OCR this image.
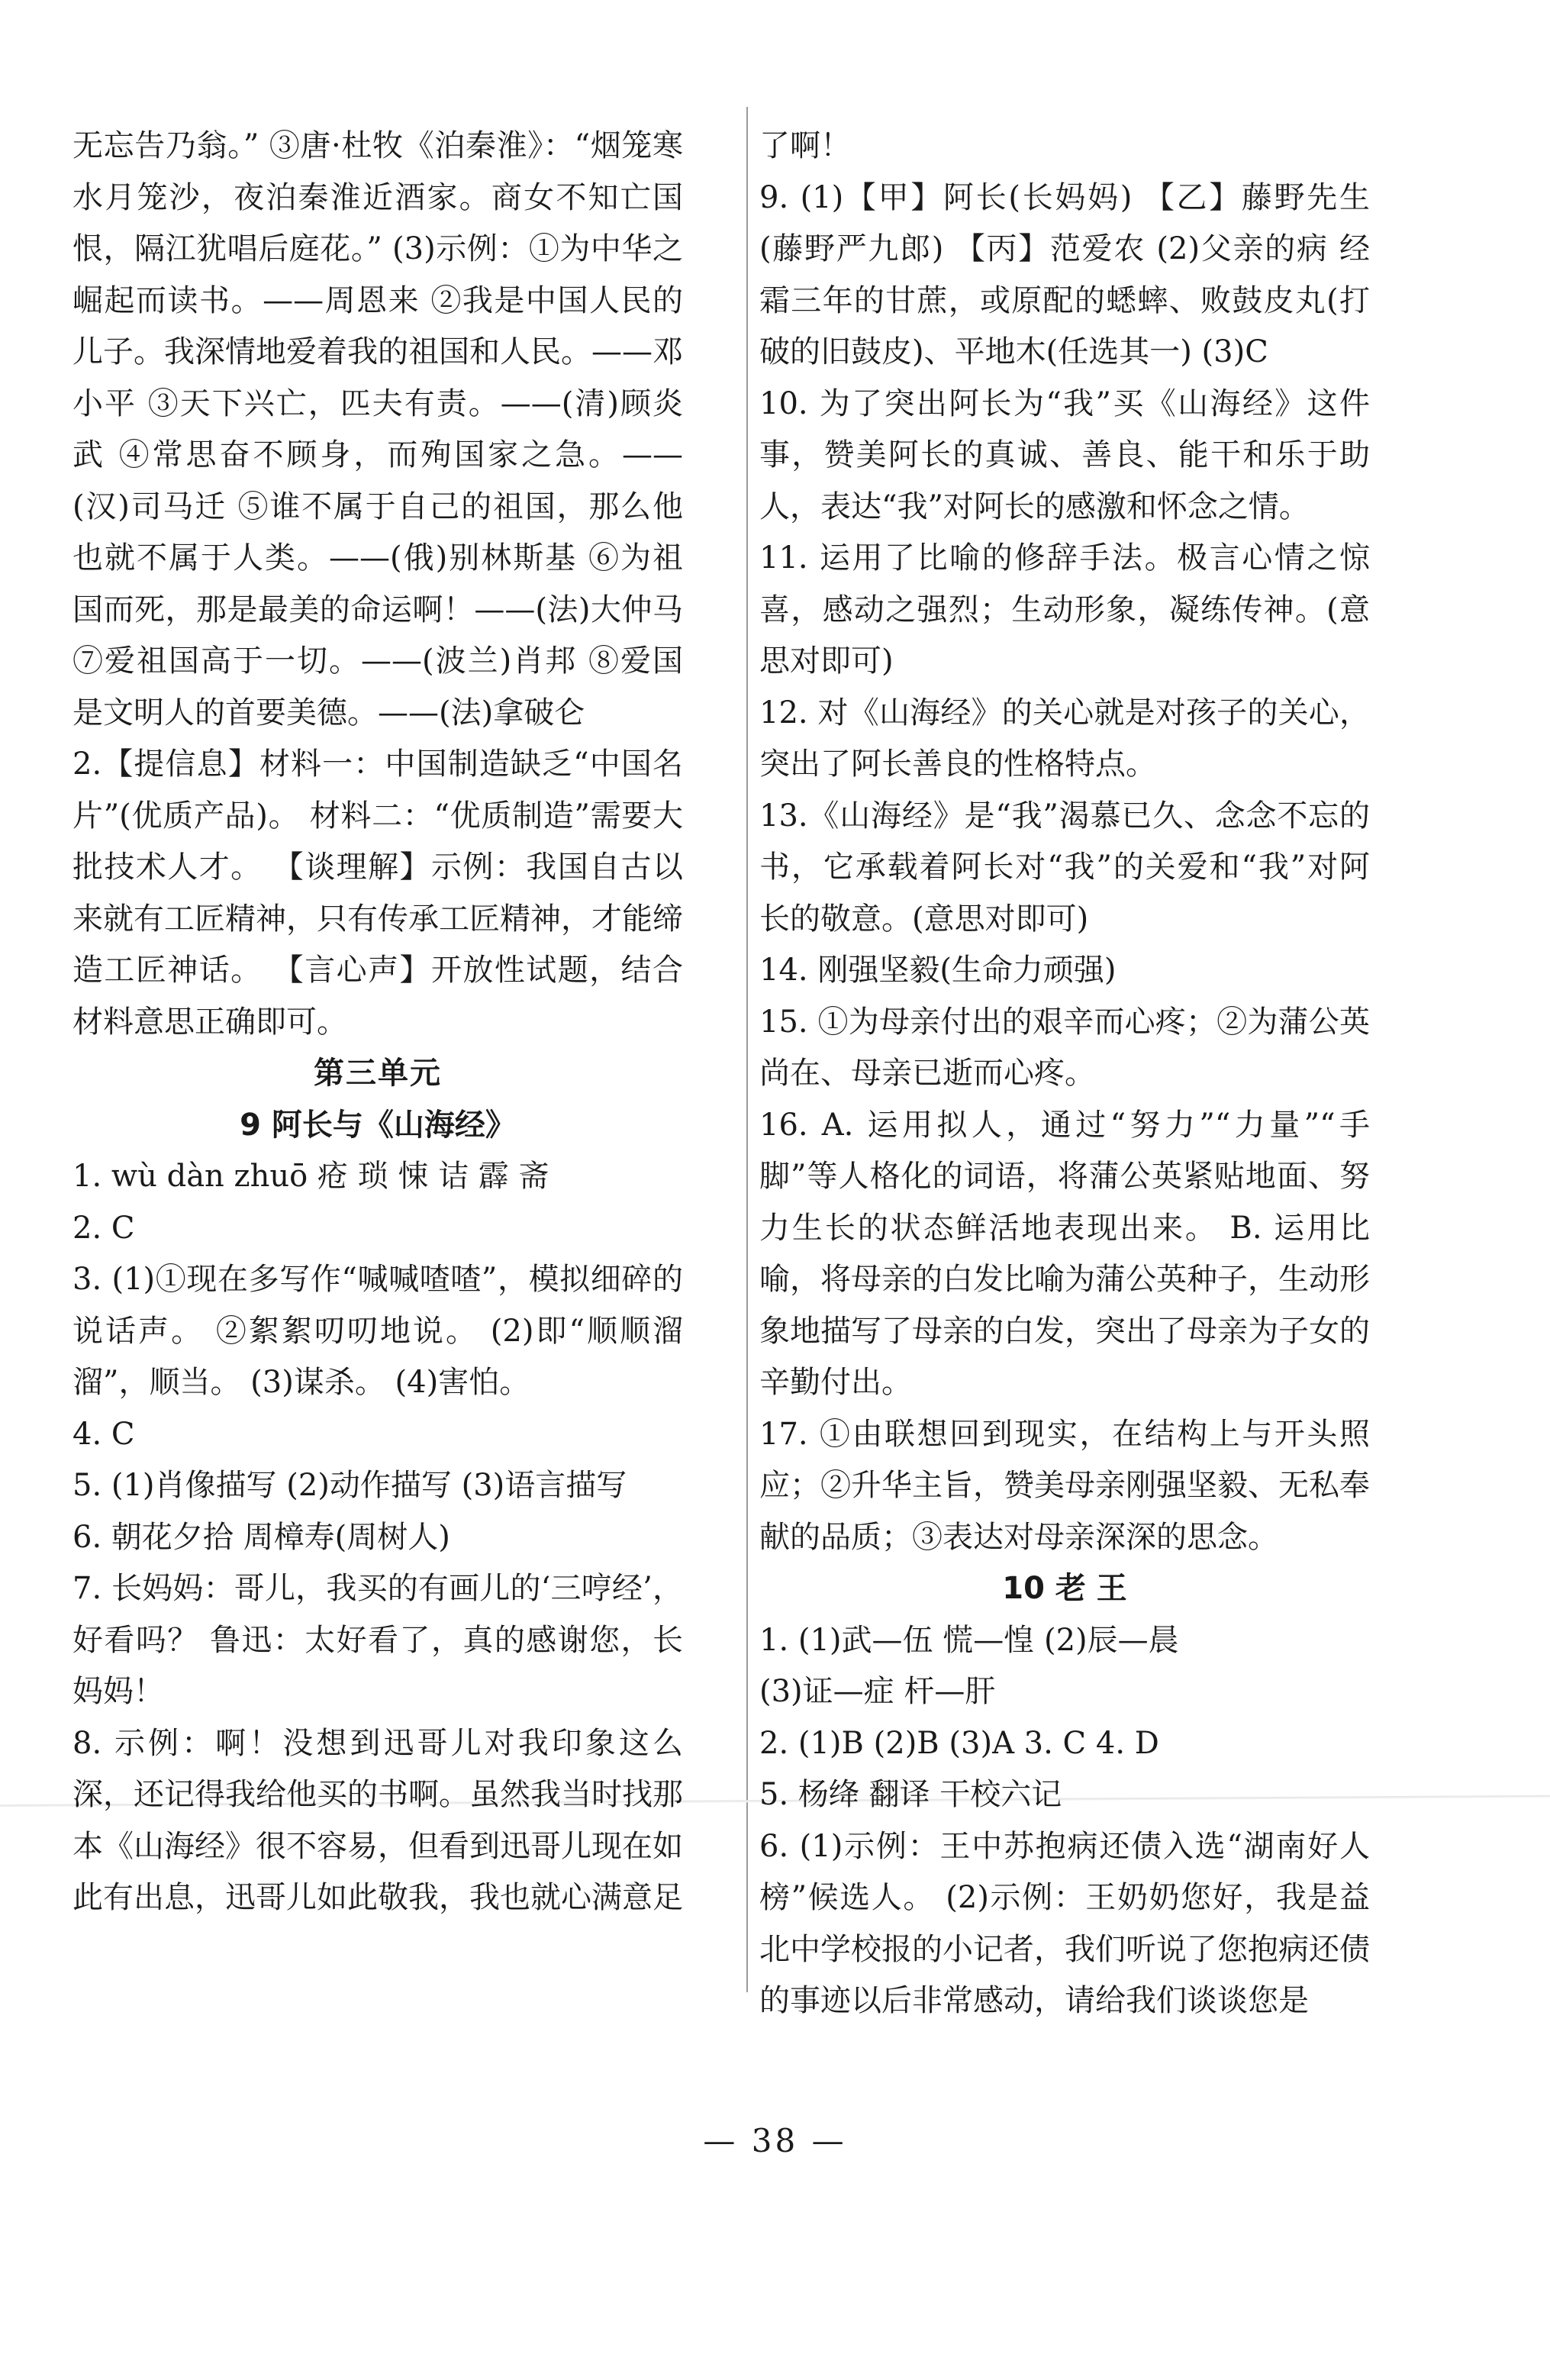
无忘告乃翁。” ③唐·杜牧《泊秦淮》：“烟笼寒水月笼沙，夜泊秦淮近酒家。商女不知亡国恨，隔江犹唱后庭花。” (3)示例：①为中华之崛起而读书。——周恩来 ②我是中国人民的儿子。我深情地爱着我的祖国和人民。——邓小平 ③天下兴亡，匹夫有责。——(清)顾炎武 ④常思奋不顾身，而殉国家之急。——(汉)司马迁 ⑤谁不属于自己的祖国，那么他也就不属于人类。——(俄)别林斯基 ⑥为祖国而死，那是最美的命运啊！——(法)大仲马 ⑦爱祖国高于一切。——(波兰)肖邦 ⑧爱国是文明人的首要美德。——(法)拿破仑

2.【提信息】材料一：中国制造缺乏“中国名片”(优质产品)。 材料二：“优质制造”需要大批技术人才。 【谈理解】示例：我国自古以来就有工匠精神，只有传承工匠精神，才能缔造工匠神话。 【言心声】开放性试题，结合材料意思正确即可。

第三单元

9 阿长与《山海经》

1. wù dàn zhuō 疮 琐 悚 诘 霹 斋

2. C

3. (1)①现在多写作“喊喊喳喳”，模拟细碎的说话声。 ②絮絮叨叨地说。 (2)即“顺顺溜溜”，顺当。 (3)谋杀。 (4)害怕。

4. C

5. (1)肖像描写 (2)动作描写 (3)语言描写

6. 朝花夕拾 周樟寿(周树人)

7. 长妈妈：哥儿，我买的有画儿的‘三哼经’，好看吗？ 鲁迅：太好看了，真的感谢您，长妈妈！

8. 示例：啊！没想到迅哥儿对我印象这么深，还记得我给他买的书啊。虽然我当时找那本《山海经》很不容易，但看到迅哥儿现在如此有出息，迅哥儿如此敬我，我也就心满意足

了啊！

9. (1)【甲】阿长(长妈妈) 【乙】藤野先生(藤野严九郎) 【丙】范爱农 (2)父亲的病 经霜三年的甘蔗，或原配的蟋蟀、败鼓皮丸(打破的旧鼓皮)、平地木(任选其一) (3)C

10. 为了突出阿长为“我”买《山海经》这件事，赞美阿长的真诚、善良、能干和乐于助人，表达“我”对阿长的感激和怀念之情。

11. 运用了比喻的修辞手法。极言心情之惊喜，感动之强烈；生动形象，凝练传神。(意思对即可)

12. 对《山海经》的关心就是对孩子的关心，突出了阿长善良的性格特点。

13.《山海经》是“我”渴慕已久、念念不忘的书，它承载着阿长对“我”的关爱和“我”对阿长的敬意。(意思对即可)

14. 刚强坚毅(生命力顽强)

15. ①为母亲付出的艰辛而心疼；②为蒲公英尚在、母亲已逝而心疼。

16. A. 运用拟人，通过“努力”“力量”“手脚”等人格化的词语，将蒲公英紧贴地面、努力生长的状态鲜活地表现出来。 B. 运用比喻，将母亲的白发比喻为蒲公英种子，生动形象地描写了母亲的白发，突出了母亲为子女的辛勤付出。

17. ①由联想回到现实，在结构上与开头照应；②升华主旨，赞美母亲刚强坚毅、无私奉献的品质；③表达对母亲深深的思念。

10 老 王

1. (1)武—伍 慌—惶 (2)辰—晨

(3)证—症 杆—肝

2. (1)B (2)B (3)A 3. C 4. D

5. 杨绛 翻译 干校六记

6. (1)示例：王中苏抱病还债入选“湖南好人榜”候选人。 (2)示例：王奶奶您好，我是益北中学校报的小记者，我们听说了您抱病还债的事迹以后非常感动，请给我们谈谈您是

— 38 —
